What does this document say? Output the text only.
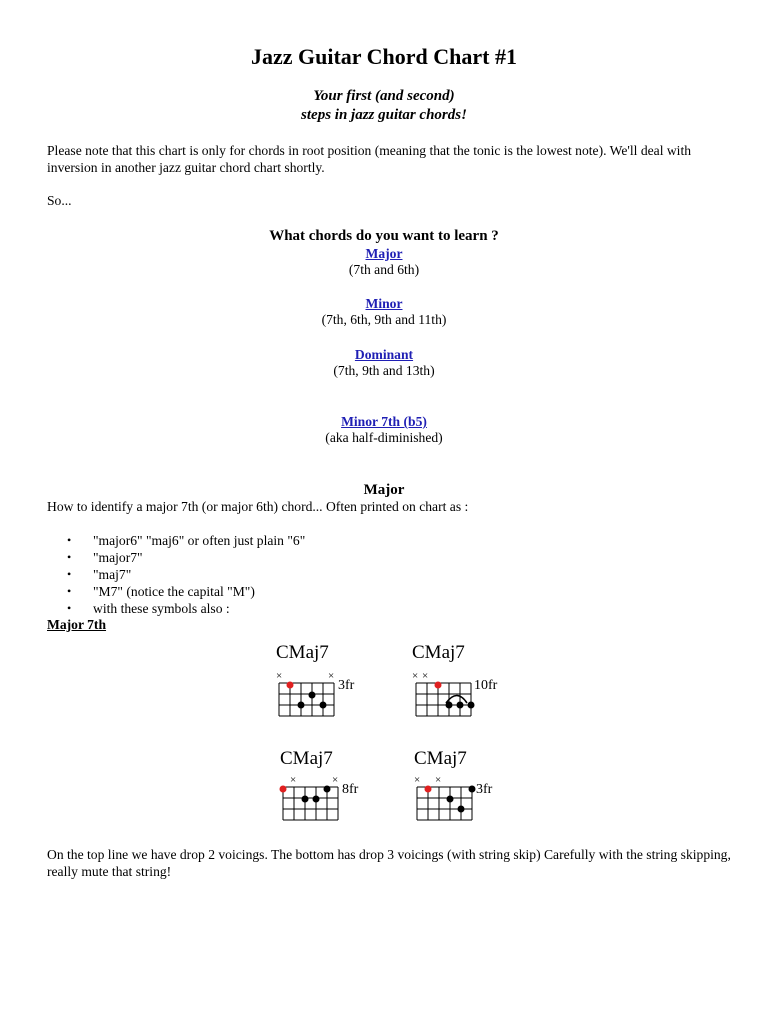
Jazz Guitar Chord Chart #1
Your first (and second)
steps in jazz guitar chords!
Please note that this chart is only for chords in root position (meaning that the tonic is the lowest note). We'll deal with inversion in another jazz guitar chord chart shortly.
So...
What chords do you want to learn ?
Major
(7th and 6th)
Minor
(7th, 6th, 9th and 11th)
Dominant
(7th, 9th and 13th)
Minor 7th (b5)
(aka half-diminished)
Major
How to identify a major 7th (or major 6th) chord... Often printed on chart as :
• "major6" "maj6" or often just plain "6"
• "major7"
• "maj7"
• "M7" (notice the capital "M")
• with these symbols also :
Major 7th
CMaj7
×	×
3fr
CMaj7
× ×
10fr
CMaj7
×	×
8fr
CMaj7
× ×
3fr
On the top line we have drop 2 voicings. The bottom has drop 3 voicings (with string skip) Carefully with the string skipping, really mute that string!
